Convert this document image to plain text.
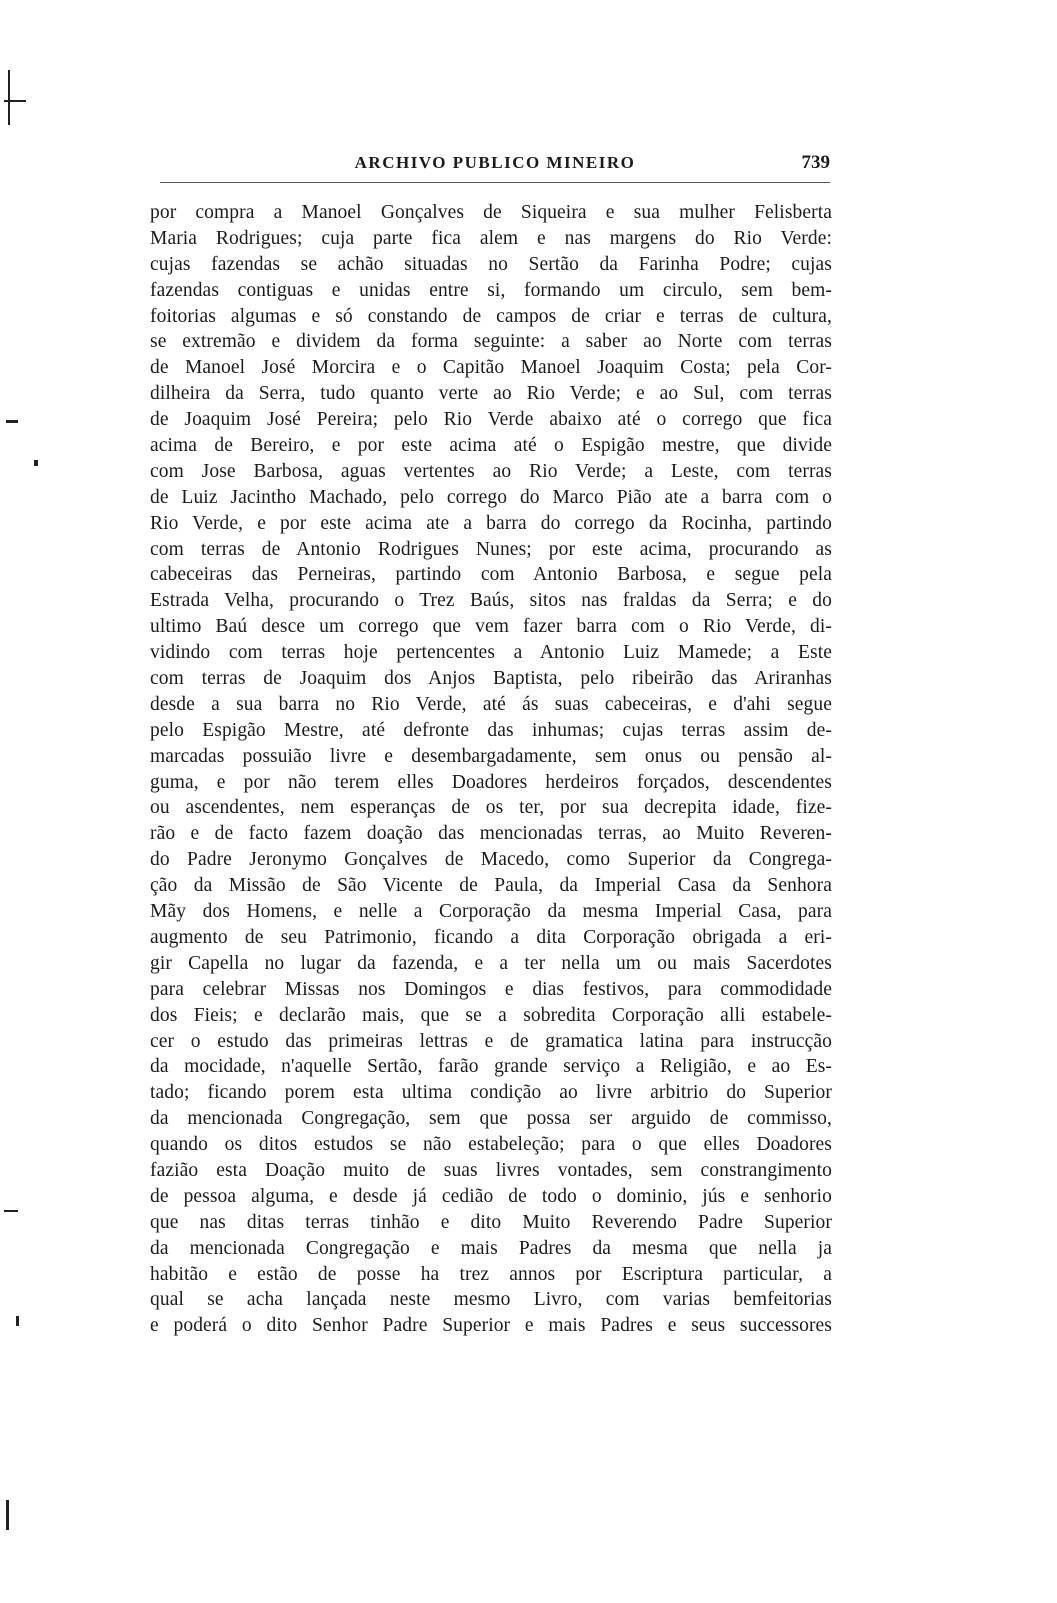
ARCHIVO PUBLICO MINEIRO	739
por compra a Manoel Gonçalves de Siqueira e sua mulher Felisberta
Maria Rodrigues; cuja parte fica alem e nas margens do Rio Verde:
cujas fazendas se achão situadas no Sertão da Farinha Podre; cujas
fazendas contiguas e unidas entre si, formando um circulo, sem bem-
foitorias algumas e só constando de campos de criar e terras de cultura,
se extremão e dividem da forma seguinte: a saber ao Norte com terras
de Manoel José Morcira e o Capitão Manoel Joaquim Costa; pela Cor-
dilheira da Serra, tudo quanto verte ao Rio Verde; e ao Sul, com terras
de Joaquim José Pereira; pelo Rio Verde abaixo até o corrego que fica
acima de Bereiro, e por este acima até o Espigão mestre, que divide
com Jose Barbosa, aguas vertentes ao Rio Verde; a Leste, com terras
de Luiz Jacintho Machado, pelo corrego do Marco Pião ate a barra com o
Rio Verde, e por este acima ate a barra do corrego da Rocinha, partindo
com terras de Antonio Rodrigues Nunes; por este acima, procurando as
cabeceiras das Perneiras, partindo com Antonio Barbosa, e segue pela
Estrada Velha, procurando o Trez Baús, sitos nas fraldas da Serra; e do
ultimo Baú desce um corrego que vem fazer barra com o Rio Verde, di-
vidindo com terras hoje pertencentes a Antonio Luiz Mamede; a Este
com terras de Joaquim dos Anjos Baptista, pelo ribeirão das Ariranhas
desde a sua barra no Rio Verde, até ás suas cabeceiras, e d'ahi segue
pelo Espigão Mestre, até defronte das inhumas; cujas terras assim de-
marcadas possuião livre e desembargadamente, sem onus ou pensão al-
guma, e por não terem elles Doadores herdeiros forçados, descendentes
ou ascendentes, nem esperanças de os ter, por sua decrepita idade, fize-
rão e de facto fazem doação das mencionadas terras, ao Muito Reveren-
do Padre Jeronymo Gonçalves de Macedo, como Superior da Congrega-
ção da Missão de São Vicente de Paula, da Imperial Casa da Senhora
Mãy dos Homens, e nelle a Corporação da mesma Imperial Casa, para
augmento de seu Patrimonio, ficando a dita Corporação obrigada a eri-
gir Capella no lugar da fazenda, e a ter nella um ou mais Sacerdotes
para celebrar Missas nos Domingos e dias festivos, para commodidade
dos Fieis; e declarão mais, que se a sobredita Corporação alli estabele-
cer o estudo das primeiras lettras e de gramatica latina para instrucção
da mocidade, n'aquelle Sertão, farão grande serviço a Religião, e ao Es-
tado; ficando porem esta ultima condição ao livre arbitrio do Superior
da mencionada Congregação, sem que possa ser arguido de commisso,
quando os ditos estudos se não estabeleção; para o que elles Doadores
fazião esta Doação muito de suas livres vontades, sem constrangimento
de pessoa alguma, e desde já cedião de todo o dominio, jús e senhorio
que nas ditas terras tinhão e dito Muito Reverendo Padre Superior
da mencionada Congregação e mais Padres da mesma que nella ja
habitão e estão de posse ha trez annos por Escriptura particular, a
qual se acha lançada neste mesmo Livro, com varias bemfeitorias
e poderá o dito Senhor Padre Superior e mais Padres e seus successores
